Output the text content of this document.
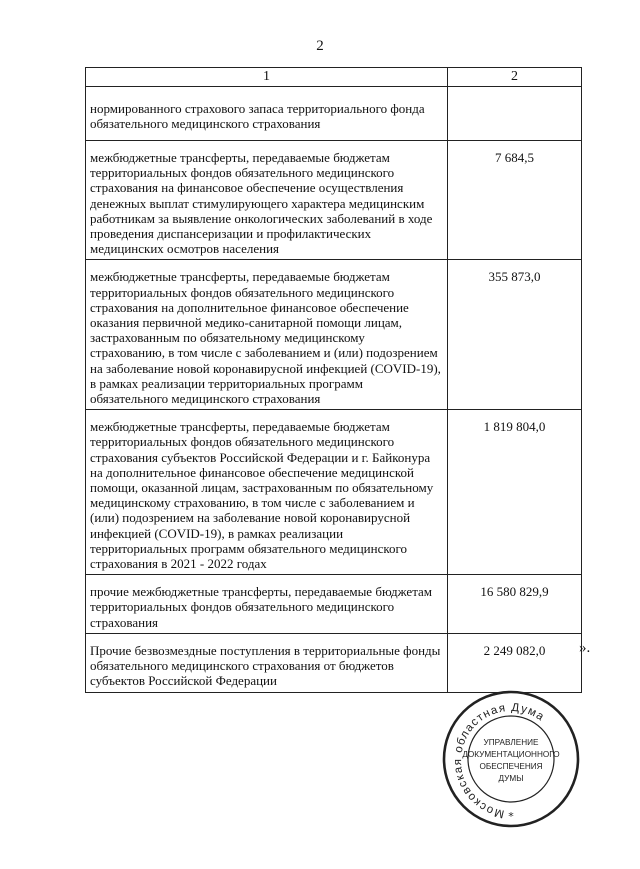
2
1	2
нормированного страхового запаса территориального фонда обязательного медицинского страхования	
межбюджетные трансферты, передаваемые бюджетам территориальных фондов обязательного медицинского страхования на финансовое обеспечение осуществления денежных выплат стимулирующего характера медицинским работникам за выявление онкологических заболеваний в ходе проведения диспансеризации и профилактических медицинских осмотров населения	7 684,5
межбюджетные трансферты, передаваемые бюджетам территориальных фондов обязательного медицинского страхования на дополнительное финансовое обеспечение оказания первичной медико-санитарной помощи лицам, застрахованным по обязательному медицинскому страхованию, в том числе с заболеванием и (или) подозрением на заболевание новой коронавирусной инфекцией (COVID-19), в рамках реализации территориальных программ обязательного медицинского страхования	355 873,0
межбюджетные трансферты, передаваемые бюджетам территориальных фондов обязательного медицинского страхования субъектов Российской Федерации и г. Байконура на дополнительное финансовое обеспечение медицинской помощи, оказанной лицам, застрахованным по обязательному медицинскому страхованию, в том числе с заболеванием и (или) подозрением на заболевание новой коронавирусной инфекцией (COVID-19), в рамках реализации территориальных программ обязательного медицинского страхования в 2021 - 2022 годах	1 819 804,0
прочие межбюджетные трансферты, передаваемые бюджетам территориальных фондов обязательного медицинского страхования	16 580 829,9
Прочие безвозмездные поступления в территориальные фонды обязательного медицинского страхования от бюджетов субъектов Российской Федерации	2 249 082,0 ».
Московская областная Дума
УПРАВЛЕНИЕ
ДОКУМЕНТАЦИОННОГО
ОБЕСПЕЧЕНИЯ
ДУМЫ
*
